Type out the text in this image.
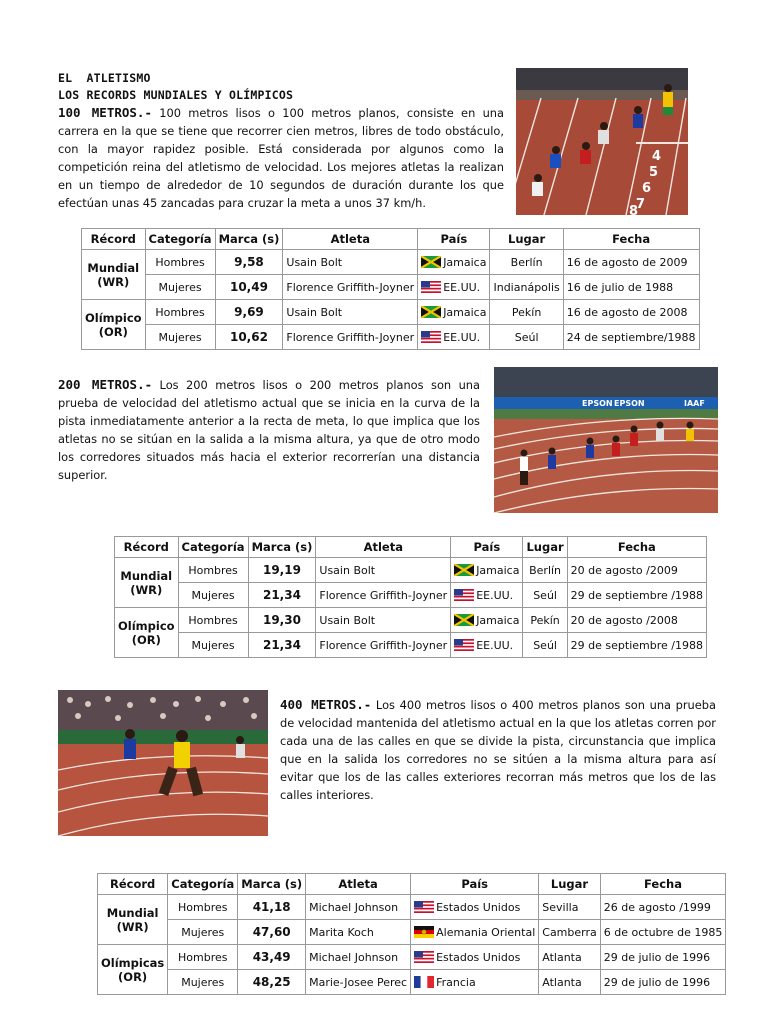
EL  ATLETISMO
LOS RECORDS MUNDIALES Y OLÍMPICOS
100 METROS.- 100 metros lisos o 100 metros planos, consiste en una carrera en la que se tiene que recorrer cien metros, libres de todo obstáculo, con la mayor rapidez posible. Está considerada por algunos como la competición reina del atletismo de velocidad. Los mejores atletas la realizan en un tiempo de alrededor de 10 segundos de duración durante los que efectúan unas 45 zancadas para cruzar la meta a unos 37 km/h.
4
5
6
7
8
Récord	Categoría	Marca (s)	Atleta	País	Lugar	Fecha
Mundial
(WR)	Hombres	9,58	Usain Bolt	Jamaica	Berlín	16 de agosto de 2009
	Mujeres	10,49	Florence Griffith-Joyner	EE.UU.	Indianápolis	16 de julio de 1988
Olímpico
(OR)	Hombres	9,69	Usain Bolt	Jamaica	Pekín	16 de agosto de 2008
	Mujeres	10,62	Florence Griffith-Joyner	EE.UU.	Seúl	24 de septiembre/1988
200 METROS.- Los 200 metros lisos o 200 metros planos son una prueba de velocidad del atletismo actual que se inicia en la curva de la pista inmediatamente anterior a la recta de meta, lo que implica que los atletas no se sitúan en la salida a la misma altura, ya que de otro modo los corredores situados más hacia el exterior recorrerían una distancia superior.
EPSON EPSON	IAAF
Récord	Categoría	Marca (s)	Atleta	País	Lugar	Fecha
Mundial
(WR)	Hombres	19,19	Usain Bolt	Jamaica	Berlín	20 de agosto /2009
	Mujeres	21,34	Florence Griffith-Joyner	EE.UU.	Seúl	29 de septiembre /1988
Olímpico
(OR)	Hombres	19,30	Usain Bolt	Jamaica	Pekín	20 de agosto /2008
	Mujeres	21,34	Florence Griffith-Joyner	EE.UU.	Seúl	29 de septiembre /1988
400 METROS.- Los 400 metros lisos o 400 metros planos son una prueba de velocidad mantenida del atletismo actual en la que los atletas corren por cada una de las calles en que se divide la pista, circunstancia que implica que en la salida los corredores no se sitúen a la misma altura para así evitar que los de las calles exteriores recorran más metros que los de las calles interiores.
Récord	Categoría	Marca (s)	Atleta	País	Lugar	Fecha
Mundial
(WR)	Hombres	41,18	Michael Johnson	Estados Unidos	Sevilla	26 de agosto /1999
	Mujeres	47,60	Marita Koch	Alemania Oriental	Camberra	6 de octubre de 1985
Olímpicas
(OR)	Hombres	43,49	Michael Johnson	Estados Unidos	Atlanta	29 de julio de 1996
	Mujeres	48,25	Marie-Josee Perec	Francia	Atlanta	29 de julio de 1996
